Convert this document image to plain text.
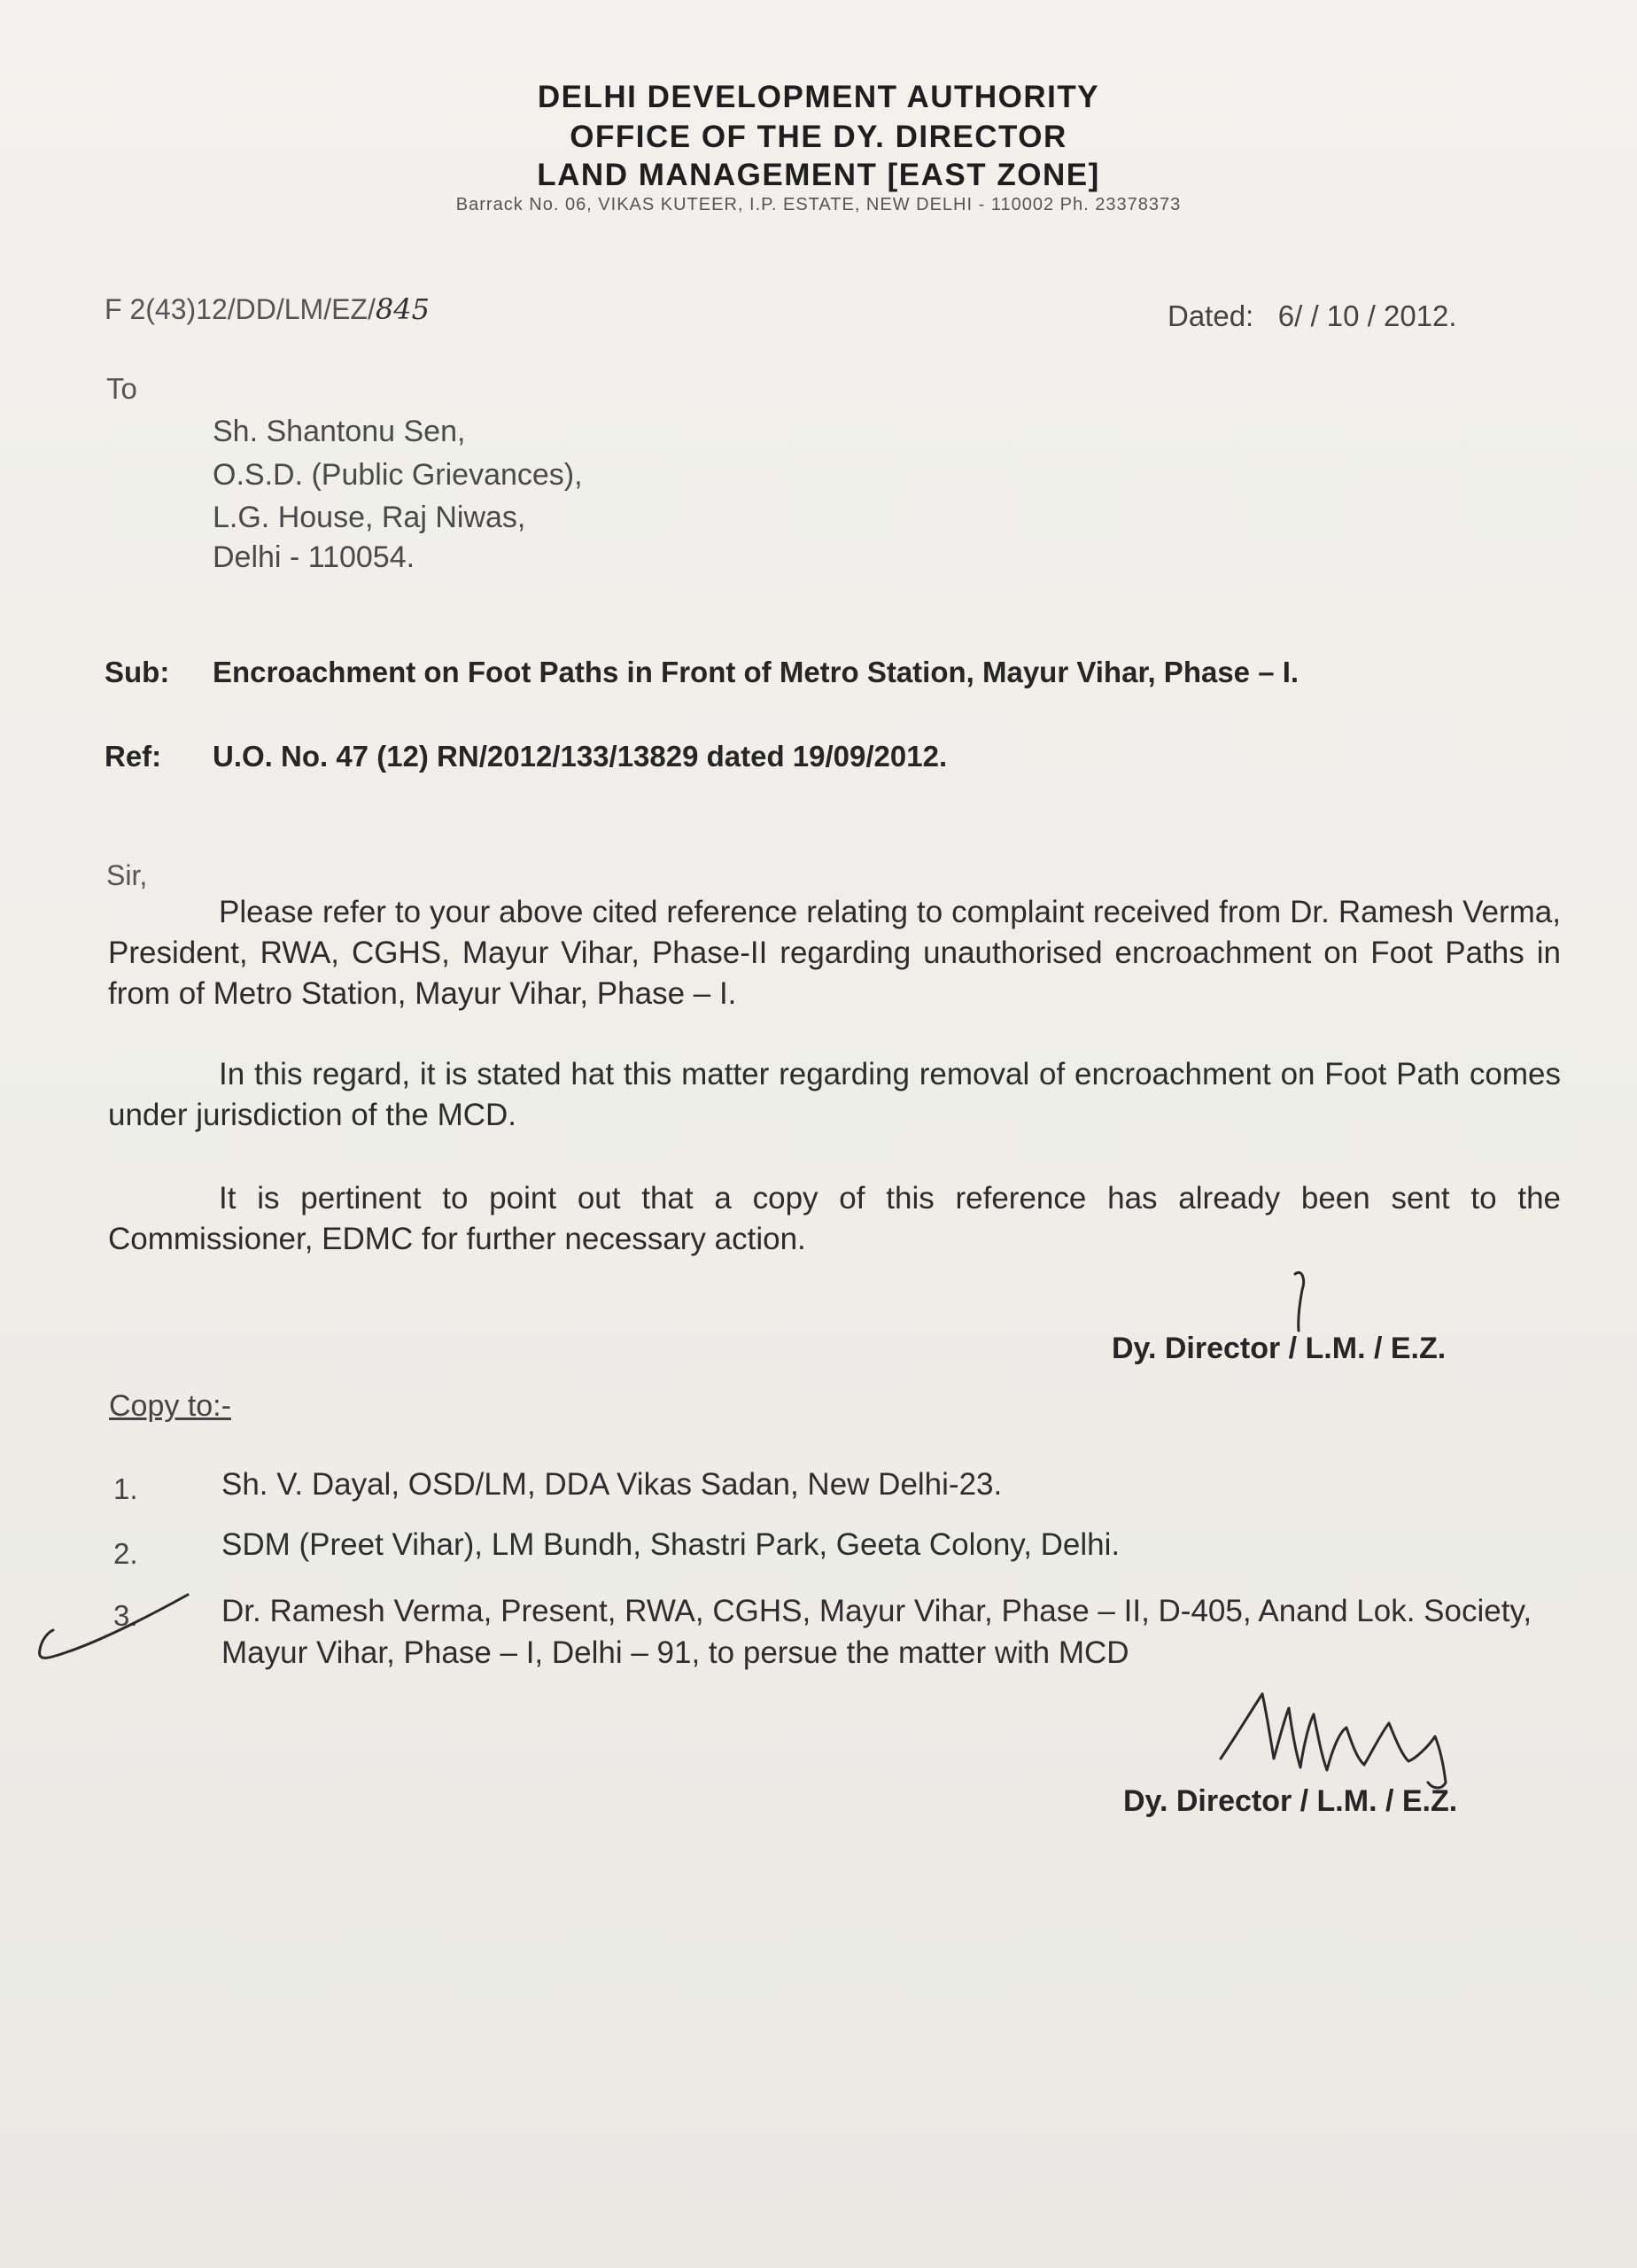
DELHI DEVELOPMENT AUTHORITY
OFFICE OF THE DY. DIRECTOR
LAND MANAGEMENT [EAST ZONE]
Barrack No. 06, VIKAS KUTEER, I.P. ESTATE, NEW DELHI - 110002 Ph. 23378373
F 2(43)12/DD/LM/EZ/845	Dated: 6/ / 10 / 2012.
To
Sh. Shantonu Sen,
O.S.D. (Public Grievances),
L.G. House, Raj Niwas,
Delhi - 110054.
Sub: Encroachment on Foot Paths in Front of Metro Station, Mayur Vihar, Phase – I.
Ref: U.O. No. 47 (12) RN/2012/133/13829 dated 19/09/2012.
Sir,
Please refer to your above cited reference relating to complaint received from Dr. Ramesh Verma, President, RWA, CGHS, Mayur Vihar, Phase-II regarding unauthorised encroachment on Foot Paths in from of Metro Station, Mayur Vihar, Phase – I.
In this regard, it is stated hat this matter regarding removal of encroachment on Foot Path comes under jurisdiction of the MCD.
It is pertinent to point out that a copy of this reference has already been sent to the Commissioner, EDMC for further necessary action.
Dy. Director / L.M. / E.Z.
Copy to:-
1.	Sh. V. Dayal, OSD/LM, DDA Vikas Sadan, New Delhi-23.
2.	SDM (Preet Vihar), LM Bundh, Shastri Park, Geeta Colony, Delhi.
3.	Dr. Ramesh Verma, Present, RWA, CGHS, Mayur Vihar, Phase – II, D-405, Anand Lok. Society, Mayur Vihar, Phase – I, Delhi – 91, to persue the matter with MCD
Dy. Director / L.M. / E.Z.
